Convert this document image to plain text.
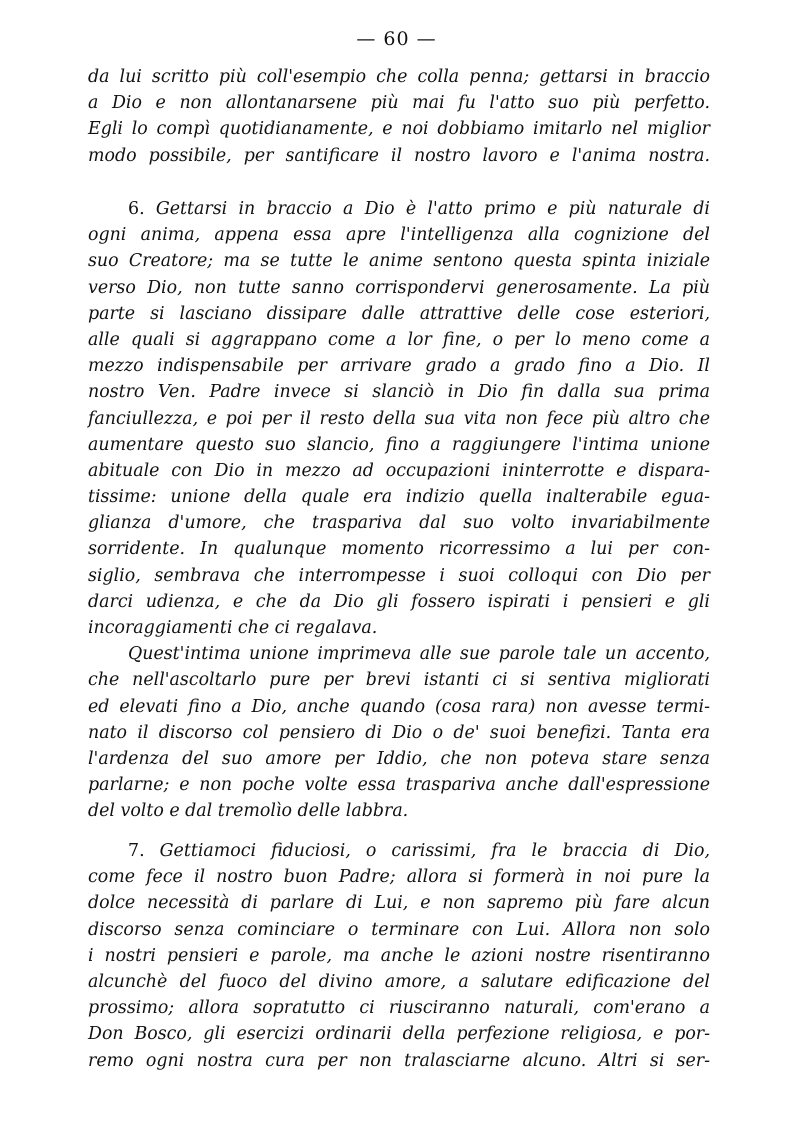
— 60 —
da lui scritto più coll'esempio che colla penna; gettarsi in braccio
a Dio e non allontanarsene più mai fu l'atto suo più perfetto.
Egli lo compì quotidianamente, e noi dobbiamo imitarlo nel miglior
modo possibile, per santificare il nostro lavoro e l'anima nostra.
6. Gettarsi in braccio a Dio è l'atto primo e più naturale di
ogni anima, appena essa apre l'intelligenza alla cognizione del
suo Creatore; ma se tutte le anime sentono questa spinta iniziale
verso Dio, non tutte sanno corrispondervi generosamente. La più
parte si lasciano dissipare dalle attrattive delle cose esteriori,
alle quali si aggrappano come a lor fine, o per lo meno come a
mezzo indispensabile per arrivare grado a grado fino a Dio. Il
nostro Ven. Padre invece si slanciò in Dio fin dalla sua prima
fanciullezza, e poi per il resto della sua vita non fece più altro che
aumentare questo suo slancio, fino a raggiungere l'intima unione
abituale con Dio in mezzo ad occupazioni ininterrotte e dispara-
tissime: unione della quale era indizio quella inalterabile egua-
glianza d'umore, che traspariva dal suo volto invariabilmente
sorridente. In qualunque momento ricorressimo a lui per con-
siglio, sembrava che interrompesse i suoi colloqui con Dio per
darci udienza, e che da Dio gli fossero ispirati i pensieri e gli
incoraggiamenti che ci regalava.
Quest'intima unione imprimeva alle sue parole tale un accento,
che nell'ascoltarlo pure per brevi istanti ci si sentiva migliorati
ed elevati fino a Dio, anche quando (cosa rara) non avesse termi-
nato il discorso col pensiero di Dio o de' suoi benefizi. Tanta era
l'ardenza del suo amore per Iddio, che non poteva stare senza
parlarne; e non poche volte essa traspariva anche dall'espressione
del volto e dal tremolìo delle labbra.
7. Gettiamoci fiduciosi, o carissimi, fra le braccia di Dio,
come fece il nostro buon Padre; allora si formerà in noi pure la
dolce necessità di parlare di Lui, e non sapremo più fare alcun
discorso senza cominciare o terminare con Lui. Allora non solo
i nostri pensieri e parole, ma anche le azioni nostre risentiranno
alcunchè del fuoco del divino amore, a salutare edificazione del
prossimo; allora sopratutto ci riusciranno naturali, com'erano a
Don Bosco, gli esercizi ordinarii della perfezione religiosa, e por-
remo ogni nostra cura per non tralasciarne alcuno. Altri si ser-
